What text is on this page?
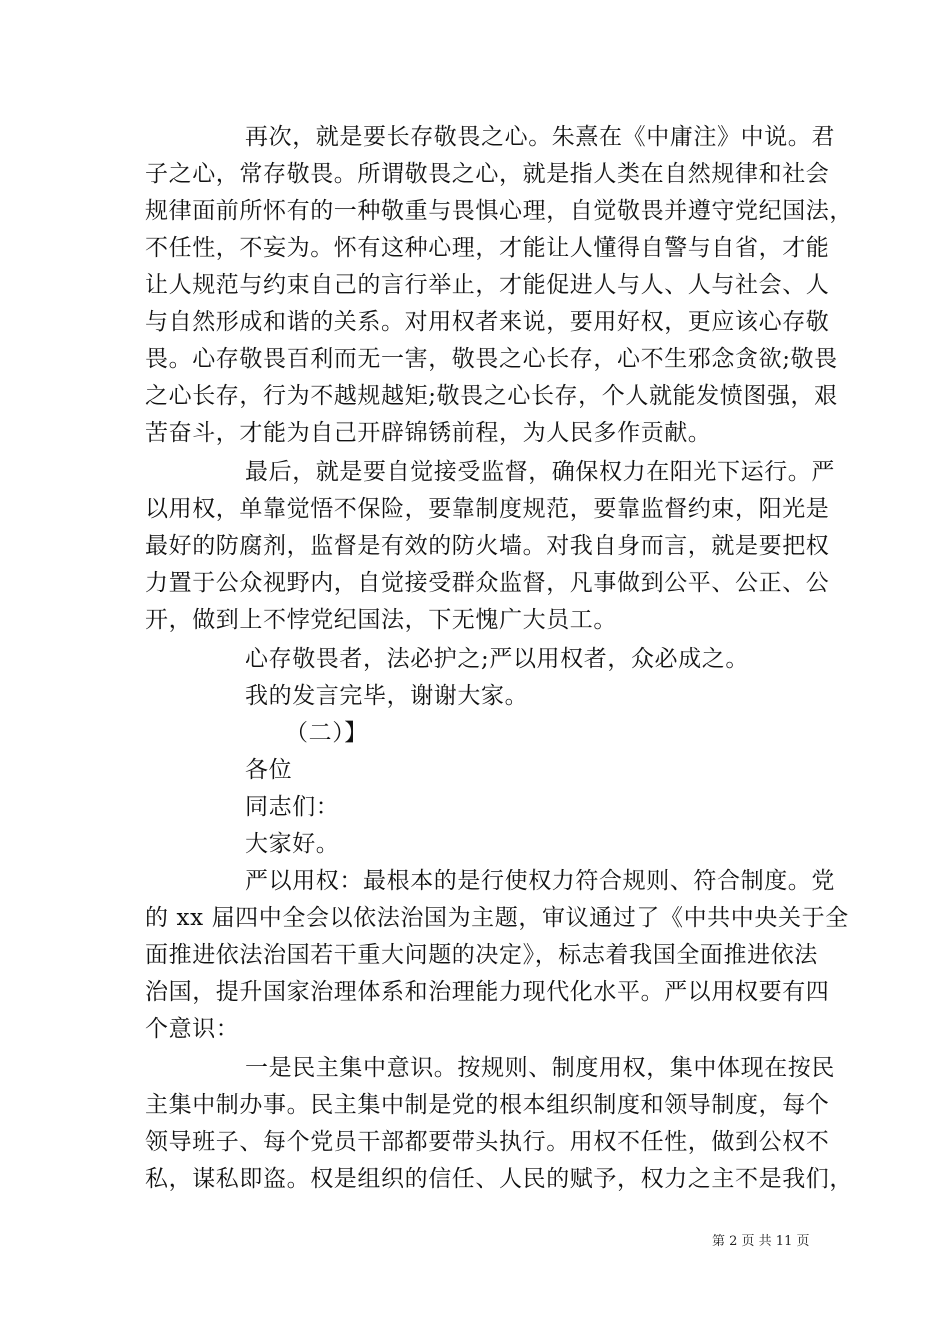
再次，就是要长存敬畏之心。朱熹在《中庸注》中说。君
子之心，常存敬畏。所谓敬畏之心，就是指人类在自然规律和社会
规律面前所怀有的一种敬重与畏惧心理，自觉敬畏并遵守党纪国法，
不任性，不妄为。怀有这种心理，才能让人懂得自警与自省，才能
让人规范与约束自己的言行举止，才能促进人与人、人与社会、人
与自然形成和谐的关系。对用权者来说，要用好权，更应该心存敬
畏。心存敬畏百利而无一害，敬畏之心长存，心不生邪念贪欲;敬畏
之心长存，行为不越规越矩;敬畏之心长存，个人就能发愤图强，艰
苦奋斗，才能为自己开辟锦锈前程，为人民多作贡献。
最后，就是要自觉接受监督，确保权力在阳光下运行。严
以用权，单靠觉悟不保险，要靠制度规范，要靠监督约束，阳光是
最好的防腐剂，监督是有效的防火墙。对我自身而言，就是要把权
力置于公众视野内，自觉接受群众监督，凡事做到公平、公正、公
开，做到上不悖党纪国法，下无愧广大员工。
心存敬畏者，法必护之;严以用权者，众必成之。
我的发言完毕，谢谢大家。
（二）】
各位
同志们：
大家好。
严以用权：最根本的是行使权力符合规则、符合制度。党
的 xx 届四中全会以依法治国为主题，审议通过了《中共中央关于全
面推进依法治国若干重大问题的决定》，标志着我国全面推进依法
治国，提升国家治理体系和治理能力现代化水平。严以用权要有四
个意识：
一是民主集中意识。按规则、制度用权，集中体现在按民
主集中制办事。民主集中制是党的根本组织制度和领导制度，每个
领导班子、每个党员干部都要带头执行。用权不任性，做到公权不
私，谋私即盗。权是组织的信任、人民的赋予，权力之主不是我们，
第 2 页 共 11 页
